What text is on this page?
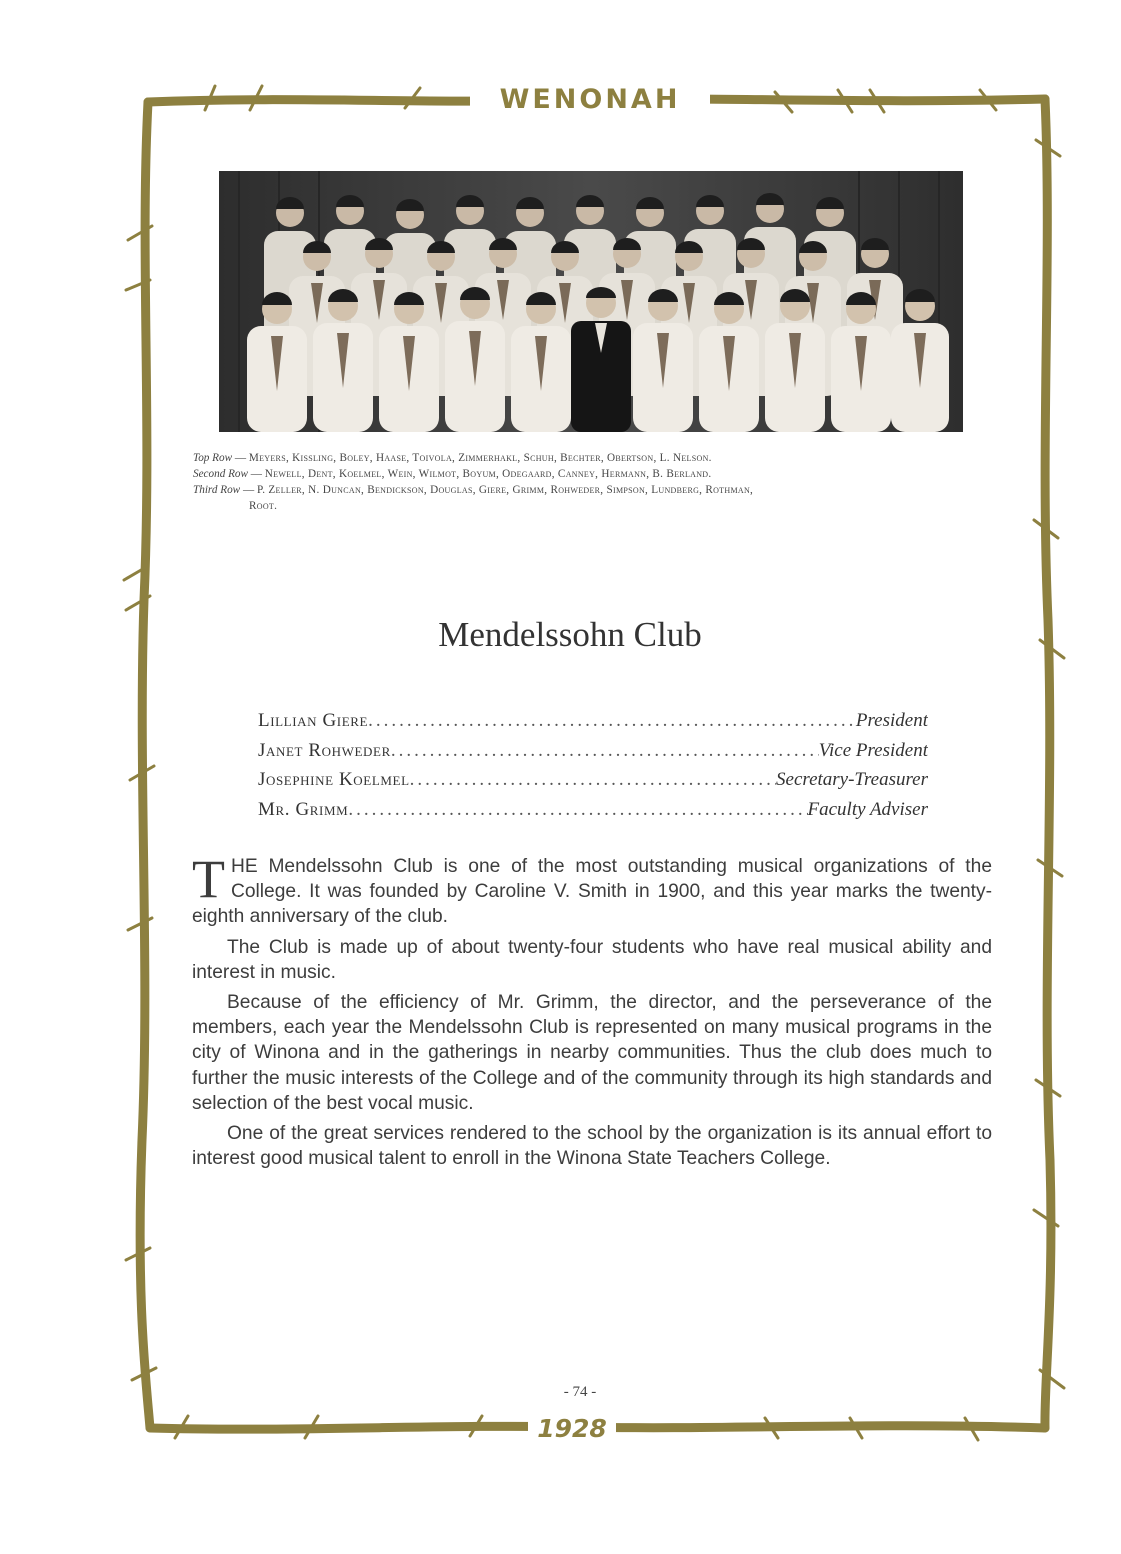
WENONAH
1928
Top Row — Meyers, Kissling, Boley, Haase, Toivola, Zimmerhakl, Schuh, Bechter, Obertson, L. Nelson.
Second Row — Newell, Dent, Koelmel, Wein, Wilmot, Boyum, Odegaard, Canney, Hermann, B. Berland.
Third Row — P. Zeller, N. Duncan, Bendickson, Douglas, Giere, Grimm, Rohweder, Simpson, Lundberg, Rothman,
Root.
Mendelssohn Club
Lillian Giere .....	President
Janet Rohweder .....	Vice President
Josephine Koelmel .....	Secretary-Treasurer
Mr. Grimm .....	Faculty Adviser

THE Mendelssohn Club is one of the most outstanding musical organizations of the College. It was founded by Caroline V. Smith in 1900, and this year marks the twenty-eighth anniversary of the club.

The Club is made up of about twenty-four students who have real musical ability and interest in music.

Because of the efficiency of Mr. Grimm, the director, and the perseverance of the members, each year the Mendelssohn Club is represented on many musical programs in the city of Winona and in the gatherings in nearby communities. Thus the club does much to further the music interests of the College and of the community through its high standards and selection of the best vocal music.

One of the great services rendered to the school by the organization is its annual effort to interest good musical talent to enroll in the Winona State Teachers College.

- 74 -
